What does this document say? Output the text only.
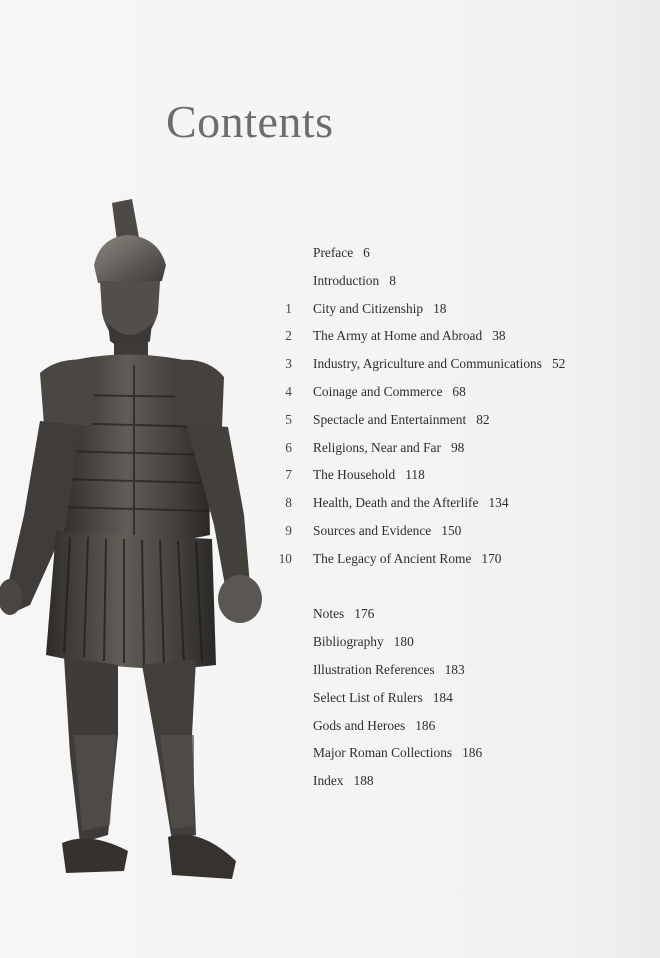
Contents
Preface 6
Introduction 8
1 City and Citizenship 18
2 The Army at Home and Abroad 38
3 Industry, Agriculture and Communications 52
4 Coinage and Commerce 68
5 Spectacle and Entertainment 82
6 Religions, Near and Far 98
7 The Household 118
8 Health, Death and the Afterlife 134
9 Sources and Evidence 150
10 The Legacy of Ancient Rome 170
Notes 176
Bibliography 180
Illustration References 183
Select List of Rulers 184
Gods and Heroes 186
Major Roman Collections 186
Index 188
